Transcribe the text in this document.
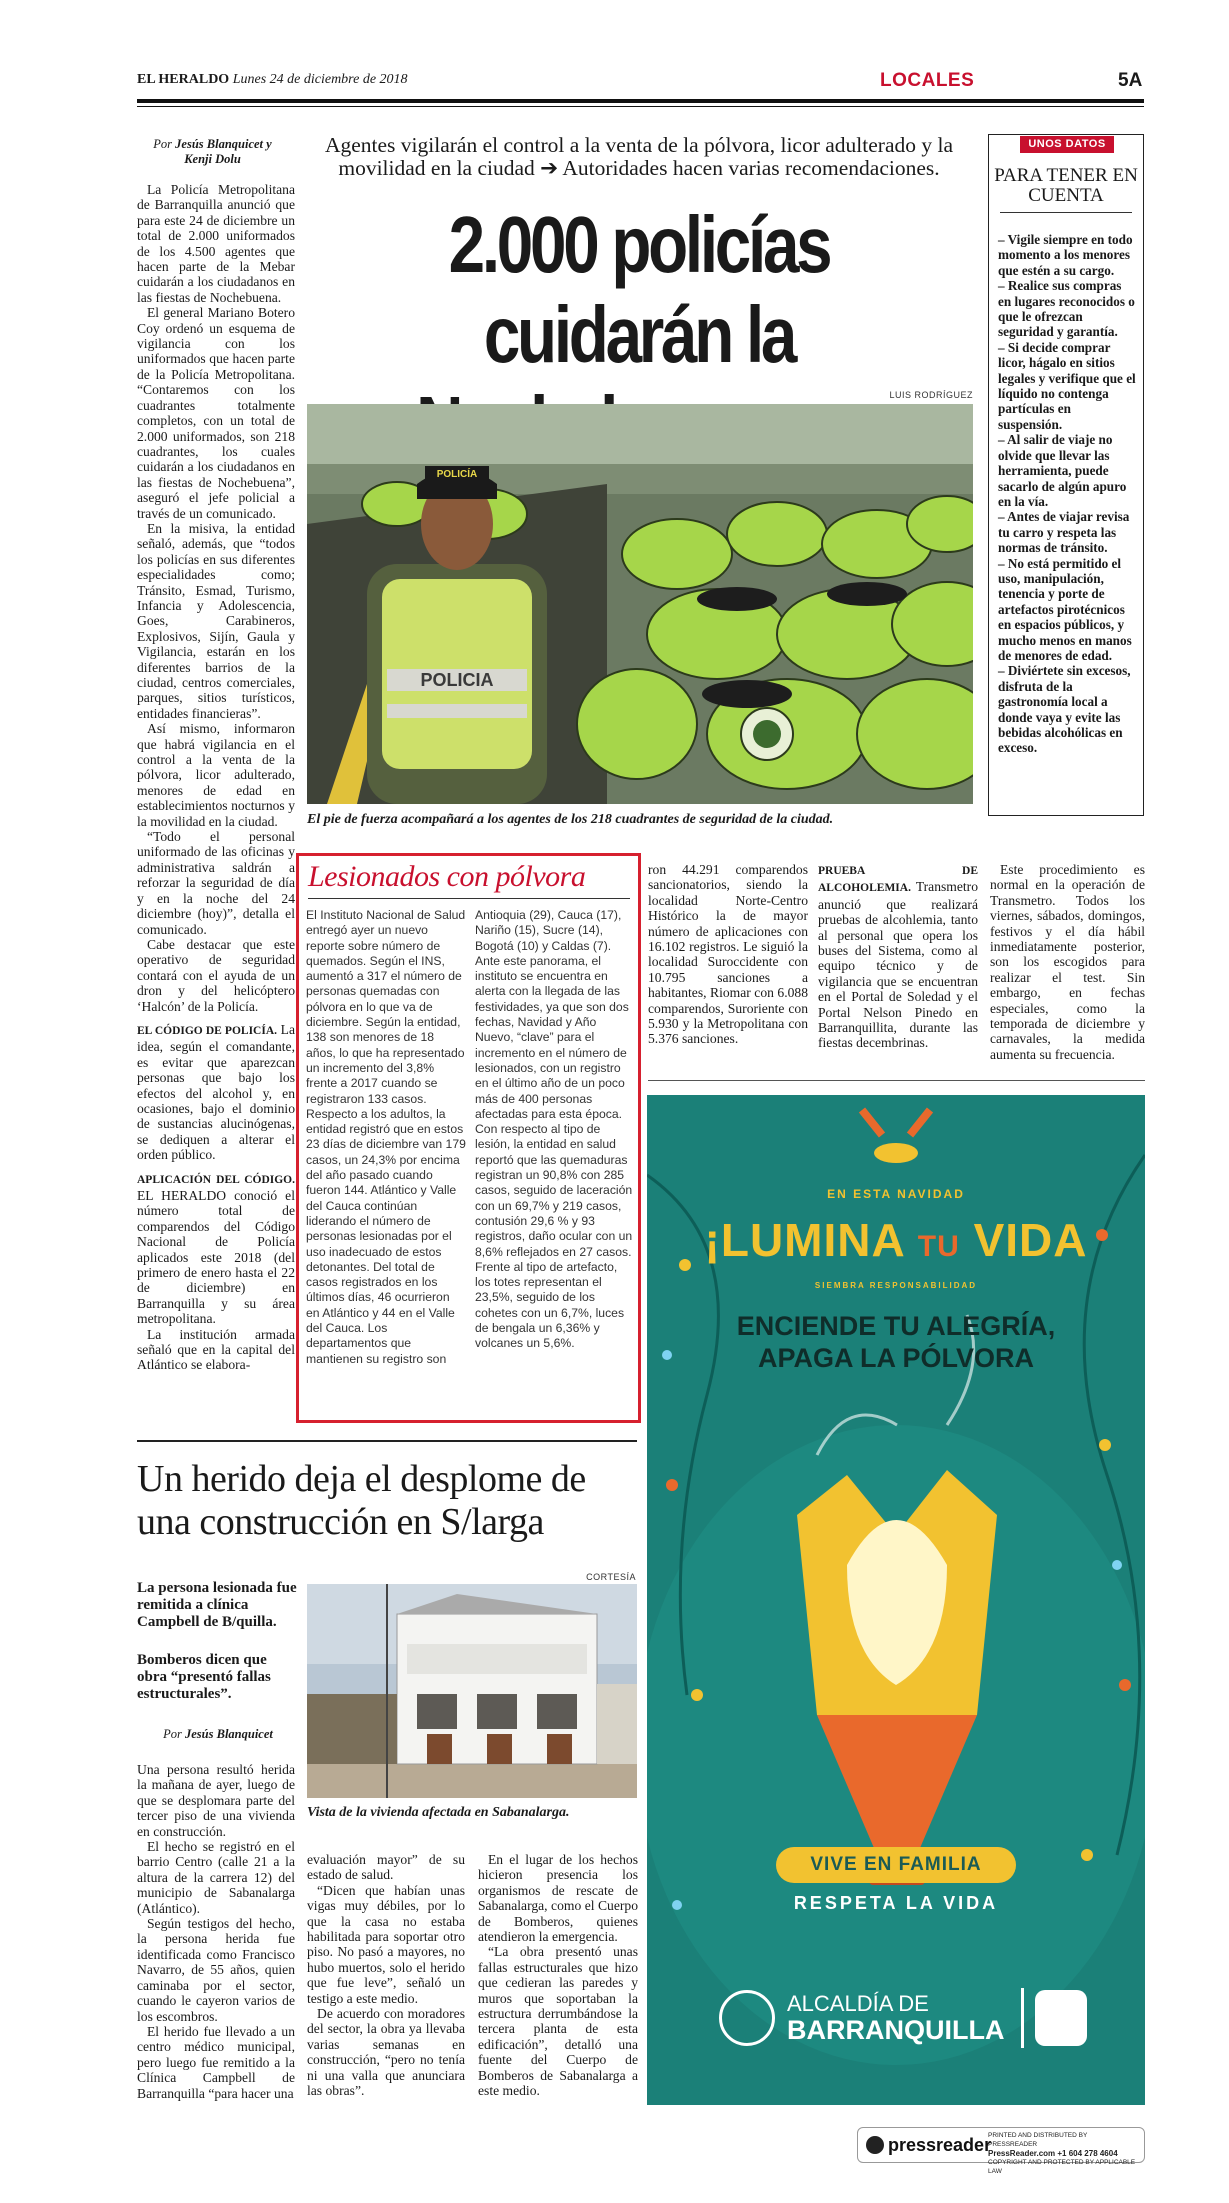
EL HERALDO Lunes 24 de diciembre de 2018	LOCALES	5A
Por Jesús Blanquicet y Kenji Dolu

La Policía Metropolitana de Barranquilla anunció que para este 24 de diciembre un total de 2.000 uniformados de los 4.500 agentes que hacen parte de la Mebar cuidarán a los ciudadanos en las fiestas de Nochebuena.

El general Mariano Botero Coy ordenó un esquema de vigilancia con los uniformados que hacen parte de la Policía Metropolitana. “Contaremos con los cuadrantes totalmente completos, con un total de 2.000 uniformados, son 218 cuadrantes, los cuales cuidarán a los ciudadanos en las fiestas de Nochebuena”, aseguró el jefe policial a través de un comunicado.

En la misiva, la entidad señaló, además, que “todos los policías en sus diferentes especialidades como; Tránsito, Esmad, Turismo, Infancia y Adolescencia, Goes, Carabineros, Explosivos, Sijín, Gaula y Vigilancia, estarán en los diferentes barrios de la ciudad, centros comerciales, parques, sitios turísticos, entidades financieras”.

Así mismo, informaron que habrá vigilancia en el control a la venta de la pólvora, licor adulterado, menores de edad en establecimientos nocturnos y la movilidad en la ciudad.

“Todo el personal uniformado de las oficinas y administrativa saldrán a reforzar la seguridad de día y en la noche del 24 diciembre (hoy)”, detalla el comunicado.

Cabe destacar que este operativo de seguridad contará con el ayuda de un dron y del helicóptero ‘Halcón’ de la Policía.

EL CÓDIGO DE POLICÍA. La idea, según el comandante, es evitar que aparezcan personas que bajo los efectos del alcohol y, en ocasiones, bajo el dominio de sustancias alucinógenas, se dediquen a alterar el orden público.

APLICACIÓN DEL CÓDIGO. EL HERALDO conoció el número total de comparendos del Código Nacional de Policía aplicados este 2018 (del primero de enero hasta el 22 de diciembre) en Barranquilla y su área metropolitana.

La institución armada señaló que en la capital del Atlántico se elabora-

Agentes vigilarán el control a la venta de la pólvora, licor adulterado y la movilidad en la ciudad ➔ Autoridades hacen varias recomendaciones.
2.000 policías cuidarán la
LUIS RODRÍGUEZ
POLICIA
POLICÍA
El pie de fuerza acompañará a los agentes de los 218 cuadrantes de seguridad de la ciudad.
UNOS DATOS
PARA TENER EN CUENTA

– Vigile siempre en todo momento a los menores que estén a su cargo.

– Realice sus compras en lugares reconocidos o que le ofrezcan seguridad y garantía.

– Si decide comprar licor, hágalo en sitios legales y verifique que el líquido no contenga partículas en suspensión.

– Al salir de viaje no olvide que llevar las herramienta, puede sacarlo de algún apuro en la vía.

– Antes de viajar revisa tu carro y respeta las normas de tránsito.

– No está permitido el uso, manipulación, tenencia y porte de artefactos pirotécnicos en espacios públicos, y mucho menos en manos de menores de edad.

– Diviértete sin excesos, disfruta de la gastronomía local a donde vaya y evite las bebidas alcohólicas en exceso.

Lesionados con pólvora
El Instituto Nacional de Salud entregó ayer un nuevo reporte sobre número de quemados. Según el INS, aumentó a 317 el número de personas quemadas con pólvora en lo que va de diciembre. Según la entidad, 138 son menores de 18 años, lo que ha representado un incremento del 3,8% frente a 2017 cuando se registraron 133 casos. Respecto a los adultos, la entidad registró que en estos 23 días de diciembre van 179 casos, un 24,3% por encima del año pasado cuando fueron 144. Atlántico y Valle del Cauca continúan liderando el número de personas lesionadas por el uso inadecuado de estos detonantes. Del total de casos registrados en los últimos días, 46 ocurrieron en Atlántico y 44 en el Valle del Cauca. Los departamentos que mantienen su registro son
Antioquia (29), Cauca (17), Nariño (15), Sucre (14), Bogotá (10) y Caldas (7). Ante este panorama, el instituto se encuentra en alerta con la llegada de las festividades, ya que son dos fechas, Navidad y Año Nuevo, “clave” para el incremento en el número de lesionados, con un registro en el último año de un poco más de 400 personas afectadas para esta época. Con respecto al tipo de lesión, la entidad en salud reportó que las quemaduras registran un 90,8% con 285 casos, seguido de laceración con un 69,7% y 219 casos, contusión 29,6 % y 93 registros, daño ocular con un 8,6% reflejados en 27 casos. Frente al tipo de artefacto, los totes representan el 23,5%, seguido de los cohetes con un 6,7%, luces de bengala un 6,36% y volcanes un 5,6%.
ron 44.291 comparendos sancionatorios, siendo la localidad Norte-Centro Histórico la de mayor número de aplicaciones con 16.102 registros. Le siguió la localidad Suroccidente con 10.795 sanciones a habitantes, Riomar con 6.088 comparendos, Suroriente con 5.930 y la Metropolitana con 5.376 sanciones.
PRUEBA DE ALCOHOLEMIA. Transmetro anunció que realizará pruebas de alcohlemia, tanto al personal que opera los buses del Sistema, como al equipo técnico y de vigilancia que se encuentran en el Portal de Soledad y el Portal Nelson Pinedo en Barranquillita, durante las fiestas decembrinas.
Este procedimiento es normal en la operación de Transmetro. Todos los viernes, sábados, domingos, festivos y el día hábil inmediatamente posterior, son los escogidos para realizar el test. Sin embargo, en fechas especiales, como la temporada de diciembre y carnavales, la medida aumenta su frecuencia.
Un herido deja el desplome de una construcción en S/larga
La persona lesionada fue remitida a clínica Campbell de B/quilla.
Bomberos dicen que obra “presentó fallas estructurales”.
Por Jesús Blanquicet
CORTESÍA
Vista de la vivienda afectada en Sabanalarga.

Una persona resultó herida la mañana de ayer, luego de que se desplomara parte del tercer piso de una vivienda en construcción.

El hecho se registró en el barrio Centro (calle 21 a la altura de la carrera 12) del municipio de Sabanalarga (Atlántico).

Según testigos del hecho, la persona herida fue identificada como Francisco Navarro, de 55 años, quien caminaba por el sector, cuando le cayeron varios de los escombros.

El herido fue llevado a un centro médico municipal, pero luego fue remitido a la Clínica Campbell de Barranquilla “para hacer una

evaluación mayor” de su estado de salud.

“Dicen que habían unas vigas muy débiles, por lo que la casa no estaba habilitada para soportar otro piso. No pasó a mayores, no hubo muertos, solo el herido que fue leve”, señaló un testigo a este medio.

De acuerdo con moradores del sector, la obra ya llevaba varias semanas en construcción, “pero no tenía ni una valla que anunciara las obras”.

En el lugar de los hechos hicieron presencia los organismos de rescate de Sabanalarga, como el Cuerpo de Bomberos, quienes atendieron la emergencia.

“La obra presentó unas fallas estructurales que hizo que cedieran las paredes y muros que soportaban la estructura derrumbándose la tercera planta de esta edificación”, detalló una fuente del Cuerpo de Bomberos de Sabanalarga a este medio.

EN ESTA NAVIDAD
¡LUMINA TU VIDA
SIEMBRA RESPONSABILIDAD
ENCIENDE TU ALEGRÍA,
APAGA LA PÓLVORA
VIVE EN FAMILIA
RESPETA LA VIDA
ALCALDÍA DE
BARRANQUILLA
pressreader
PRINTED AND DISTRIBUTED BY PRESSREADER
PressReader.com +1 604 278 4604
COPYRIGHT AND PROTECTED BY APPLICABLE LAW
